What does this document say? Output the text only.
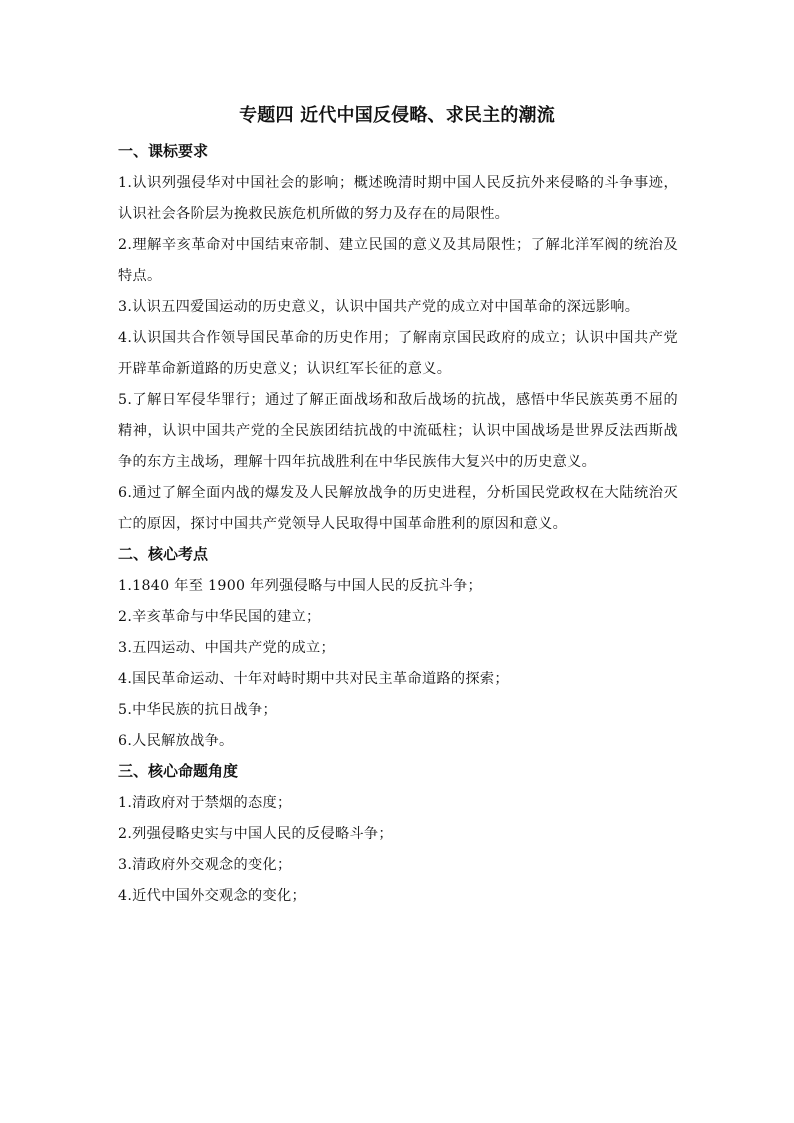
专题四 近代中国反侵略、求民主的潮流
一、课标要求

1.认识列强侵华对中国社会的影响；概述晚清时期中国人民反抗外来侵略的斗争事迹，认识社会各阶层为挽救民族危机所做的努力及存在的局限性。

2.理解辛亥革命对中国结束帝制、建立民国的意义及其局限性；了解北洋军阀的统治及特点。

3.认识五四爱国运动的历史意义，认识中国共产党的成立对中国革命的深远影响。

4.认识国共合作领导国民革命的历史作用；了解南京国民政府的成立；认识中国共产党开辟革命新道路的历史意义；认识红军长征的意义。

5.了解日军侵华罪行；通过了解正面战场和敌后战场的抗战，感悟中华民族英勇不屈的精神，认识中国共产党的全民族团结抗战的中流砥柱；认识中国战场是世界反法西斯战争的东方主战场，理解十四年抗战胜利在中华民族伟大复兴中的历史意义。

6.通过了解全面内战的爆发及人民解放战争的历史进程，分析国民党政权在大陆统治灭亡的原因，探讨中国共产党领导人民取得中国革命胜利的原因和意义。

二、核心考点

1.1840 年至 1900 年列强侵略与中国人民的反抗斗争；

2.辛亥革命与中华民国的建立；

3.五四运动、中国共产党的成立；

4.国民革命运动、十年对峙时期中共对民主革命道路的探索；

5.中华民族的抗日战争；

6.人民解放战争。

三、核心命题角度

1.清政府对于禁烟的态度；

2.列强侵略史实与中国人民的反侵略斗争；

3.清政府外交观念的变化；

4.近代中国外交观念的变化；
